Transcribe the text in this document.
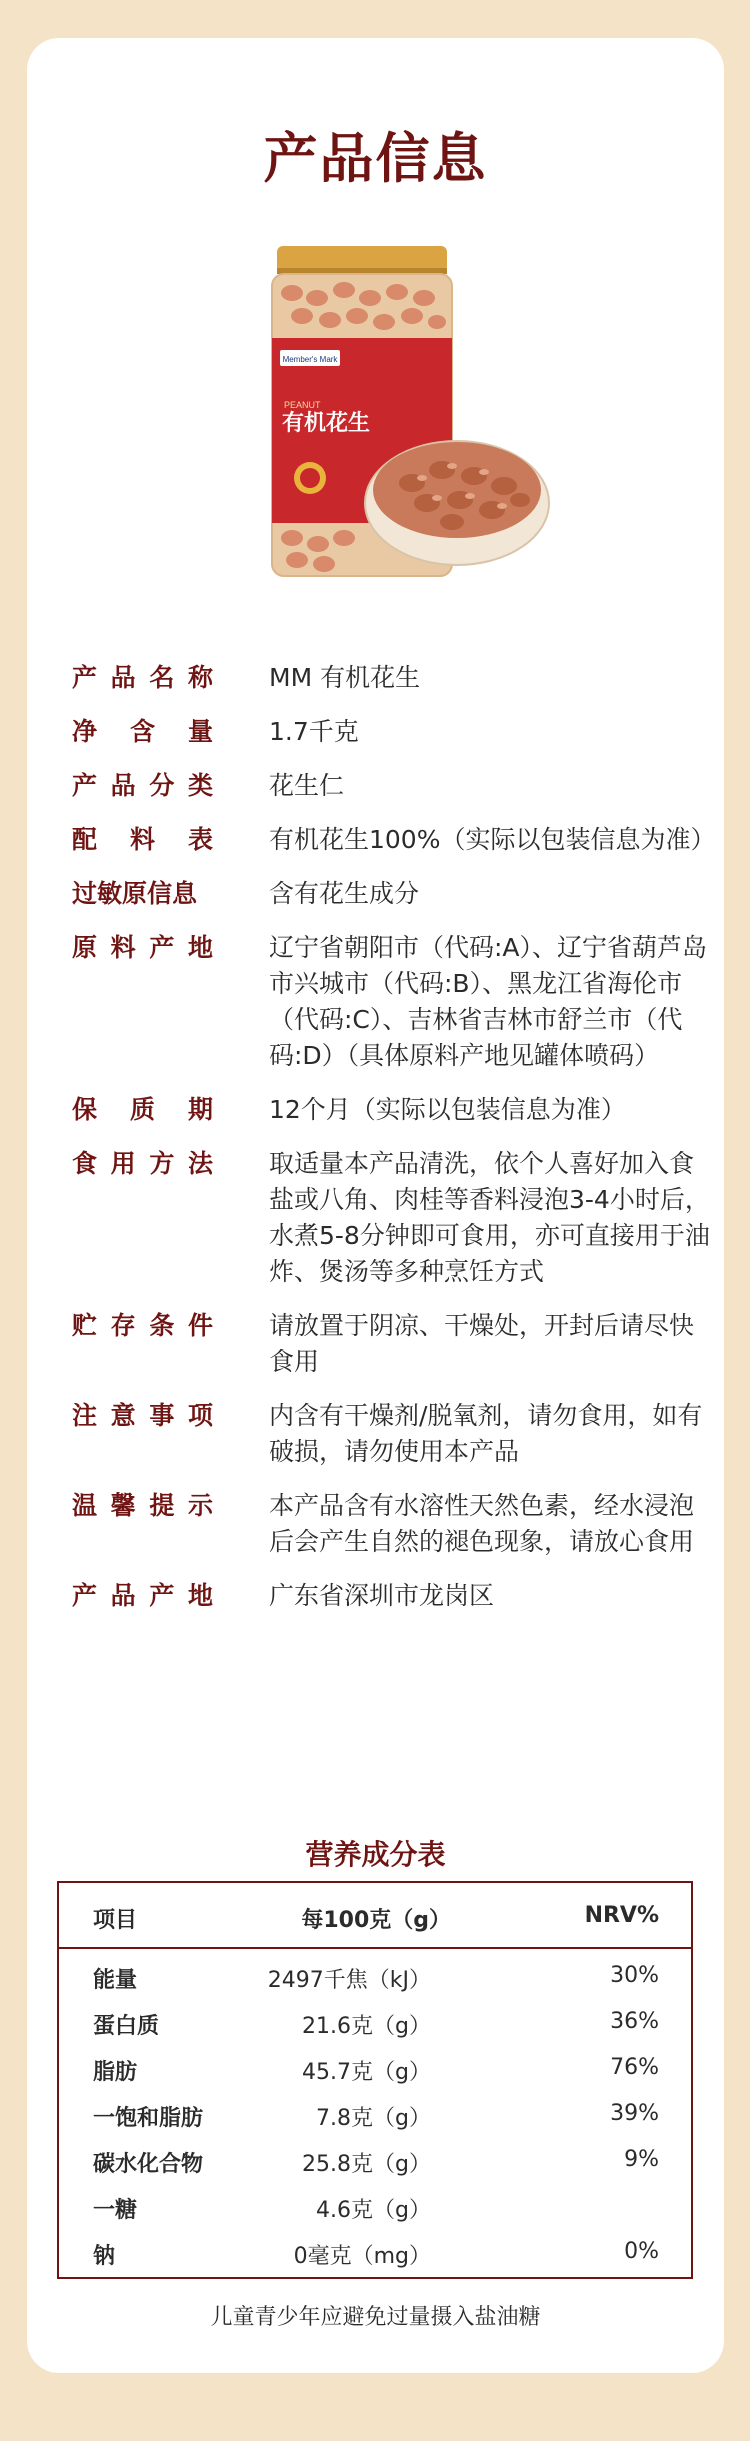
产品信息
Member's Mark
PEANUT
有机花生
产品名称	MM 有机花生
净含量	1.7千克
产品分类	花生仁
配料表	有机花生100%（实际以包装信息为准）
过敏原信息	含有花生成分
原料产地	辽宁省朝阳市（代码:A）、辽宁省葫芦岛市兴城市（代码:B）、黑龙江省海伦市（代码:C）、吉林省吉林市舒兰市（代码:D）（具体原料产地见罐体喷码）
保质期	12个月（实际以包装信息为准）
食用方法	取适量本产品清洗，依个人喜好加入食盐或八角、肉桂等香料浸泡3-4小时后，水煮5-8分钟即可食用，亦可直接用于油炸、煲汤等多种烹饪方式
贮存条件	请放置于阴凉、干燥处，开封后请尽快食用
注意事项	内含有干燥剂/脱氧剂，请勿食用，如有破损，请勿使用本产品
温馨提示	本产品含有水溶性天然色素，经水浸泡后会产生自然的褪色现象，请放心食用
产品产地	广东省深圳市龙岗区
营养成分表
项目	每100克（g）	NRV%
能量	2497千焦（kJ）	30%
蛋白质	21.6克（g）	36%
脂肪	45.7克（g）	76%
一饱和脂肪	7.8克（g）	39%
碳水化合物	25.8克（g）	9%
一糖	4.6克（g）
钠	0毫克（mg）	0%
儿童青少年应避免过量摄入盐油糖
